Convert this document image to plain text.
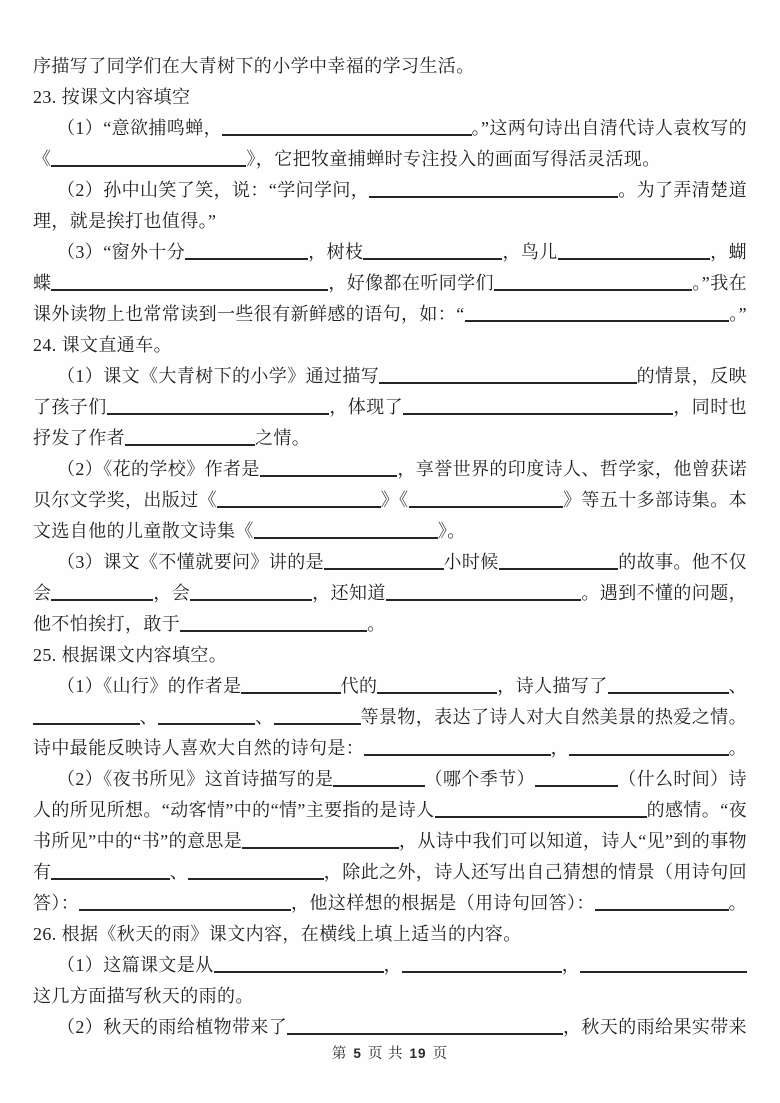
序描写了同学们在大青树下的小学中幸福的学习生活。
23. 按课文内容填空
（1）“意欲捕鸣蝉，	。”这两句诗出自清代诗人袁枚写的
《	》，它把牧童捕蝉时专注投入的画面写得活灵活现。
（2）孙中山笑了笑，说：“学问学问，	。为了弄清楚道
理，就是挨打也值得。”
（3）“窗外十分	，树枝	，鸟儿	，蝴
蝶	，好像都在听同学们	。”我在
课外读物上也常常读到一些很有新鲜感的语句，如：“	。”
24. 课文直通车。
（1）课文《大青树下的小学》通过描写	的情景，反映
了孩子们	，体现了	，同时也
抒发了作者	之情。
（2）《花的学校》作者是	，享誉世界的印度诗人、哲学家，他曾获诺
贝尔文学奖，出版过《	》《	》等五十多部诗集。本
文选自他的儿童散文诗集《	》。
（3）课文《不懂就要问》讲的是	小时候	的故事。他不仅
会	，会	，还知道	。遇到不懂的问题，
他不怕挨打，敢于	。
25. 根据课文内容填空。
（1）《山行》的作者是	代的	，诗人描写了	、
、	、	等景物，表达了诗人对大自然美景的热爱之情。
诗中最能反映诗人喜欢大自然的诗句是：	，	。
（2）《夜书所见》这首诗描写的是	（哪个季节）	（什么时间）诗
人的所见所想。“动客情”中的“情”主要指的是诗人	的感情。“夜
书所见”中的“书”的意思是	，从诗中我们可以知道，诗人“见”到的事物
有	、	，除此之外，诗人还写出自己猜想的情景（用诗句回
答）：	，他这样想的根据是（用诗句回答）：	。
26. 根据《秋天的雨》课文内容，在横线上填上适当的内容。
（1）这篇课文是从	，	，
这几方面描写秋天的雨的。
（2）秋天的雨给植物带来了	，秋天的雨给果实带来
第 5 页 共 19 页
